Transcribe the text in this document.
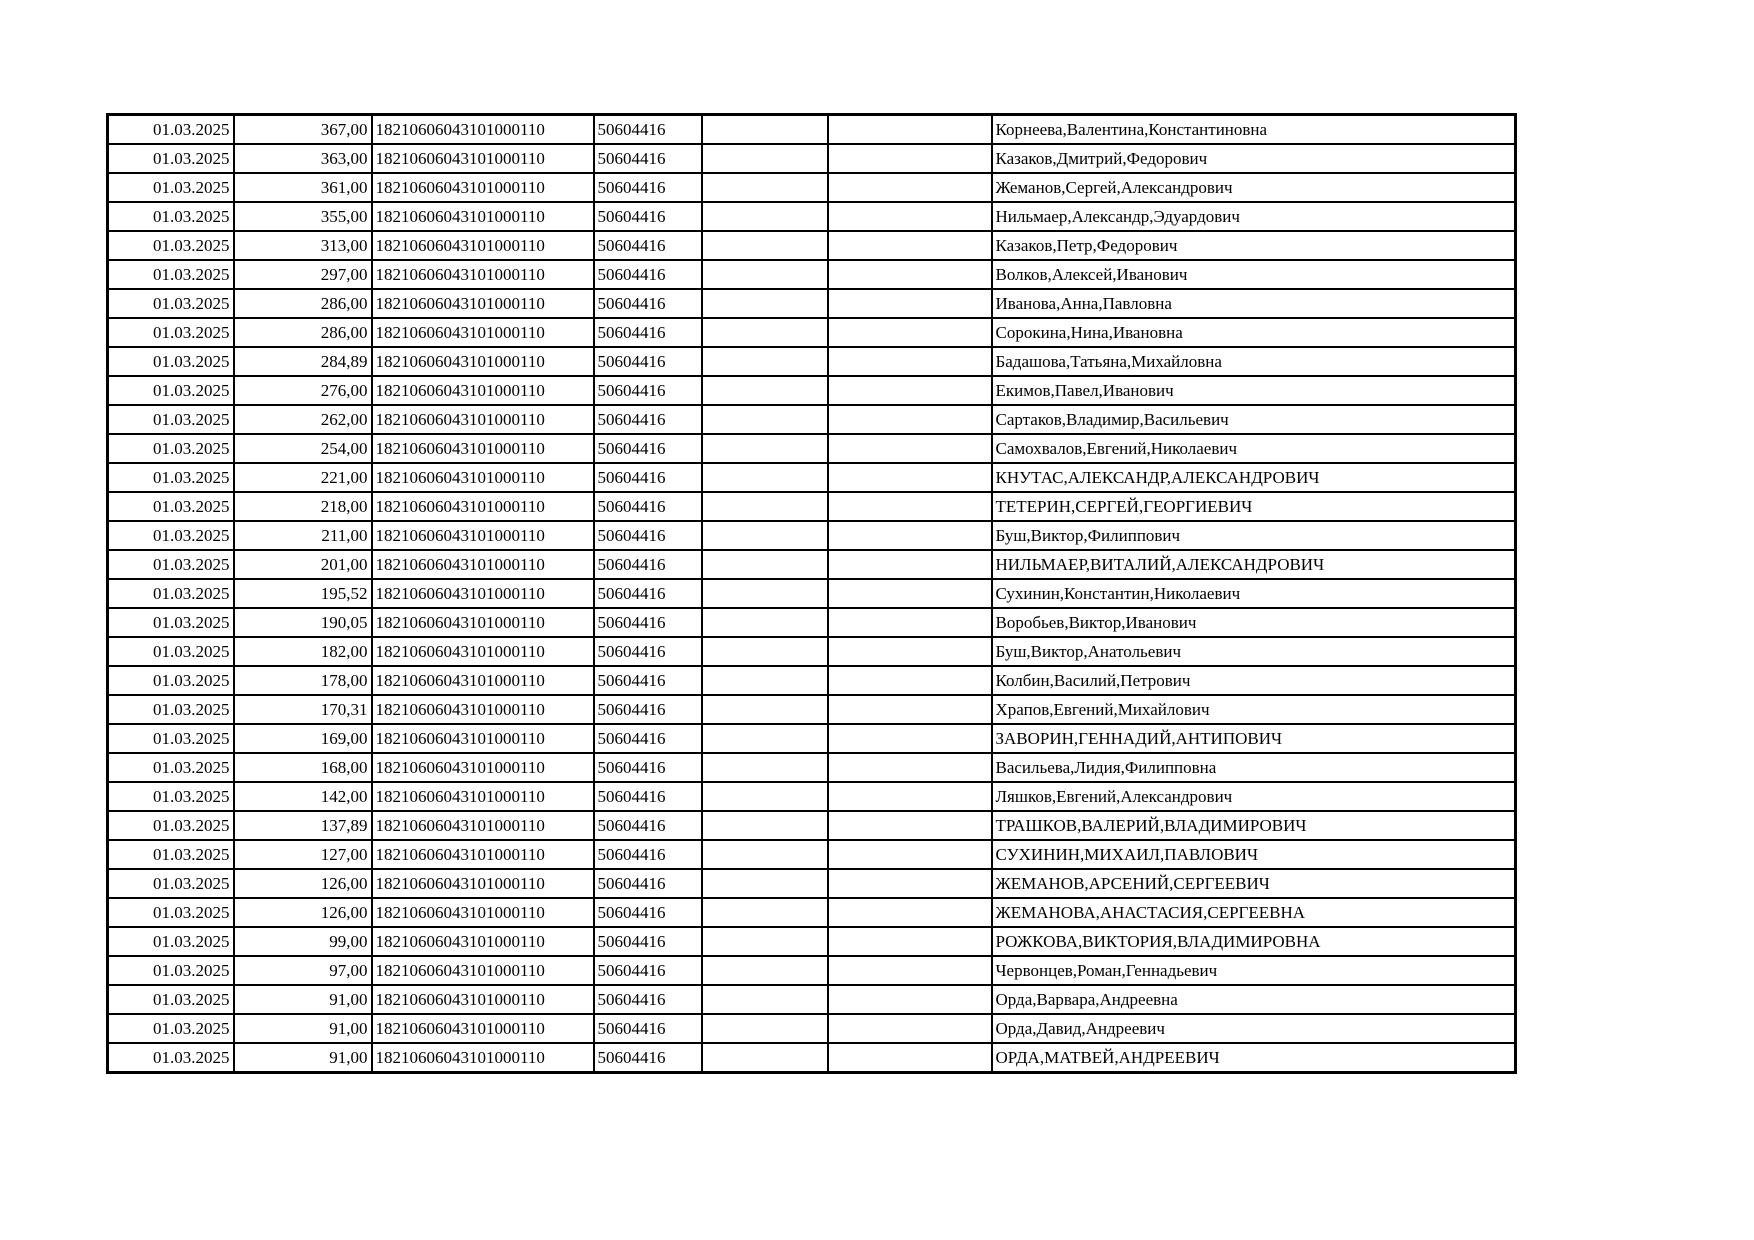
01.03.2025	367,00	18210606043101000110	50604416			Корнеева,Валентина,Константиновна
01.03.2025	363,00	18210606043101000110	50604416			Казаков,Дмитрий,Федорович
01.03.2025	361,00	18210606043101000110	50604416			Жеманов,Сергей,Александрович
01.03.2025	355,00	18210606043101000110	50604416			Нильмаер,Александр,Эдуардович
01.03.2025	313,00	18210606043101000110	50604416			Казаков,Петр,Федорович
01.03.2025	297,00	18210606043101000110	50604416			Волков,Алексей,Иванович
01.03.2025	286,00	18210606043101000110	50604416			Иванова,Анна,Павловна
01.03.2025	286,00	18210606043101000110	50604416			Сорокина,Нина,Ивановна
01.03.2025	284,89	18210606043101000110	50604416			Бадашова,Татьяна,Михайловна
01.03.2025	276,00	18210606043101000110	50604416			Екимов,Павел,Иванович
01.03.2025	262,00	18210606043101000110	50604416			Сартаков,Владимир,Васильевич
01.03.2025	254,00	18210606043101000110	50604416			Самохвалов,Евгений,Николаевич
01.03.2025	221,00	18210606043101000110	50604416			КНУТАС,АЛЕКСАНДР,АЛЕКСАНДРОВИЧ
01.03.2025	218,00	18210606043101000110	50604416			ТЕТЕРИН,СЕРГЕЙ,ГЕОРГИЕВИЧ
01.03.2025	211,00	18210606043101000110	50604416			Буш,Виктор,Филиппович
01.03.2025	201,00	18210606043101000110	50604416			НИЛЬМАЕР,ВИТАЛИЙ,АЛЕКСАНДРОВИЧ
01.03.2025	195,52	18210606043101000110	50604416			Сухинин,Константин,Николаевич
01.03.2025	190,05	18210606043101000110	50604416			Воробьев,Виктор,Иванович
01.03.2025	182,00	18210606043101000110	50604416			Буш,Виктор,Анатольевич
01.03.2025	178,00	18210606043101000110	50604416			Колбин,Василий,Петрович
01.03.2025	170,31	18210606043101000110	50604416			Храпов,Евгений,Михайлович
01.03.2025	169,00	18210606043101000110	50604416			ЗАВОРИН,ГЕННАДИЙ,АНТИПОВИЧ
01.03.2025	168,00	18210606043101000110	50604416			Васильева,Лидия,Филипповна
01.03.2025	142,00	18210606043101000110	50604416			Ляшков,Евгений,Александрович
01.03.2025	137,89	18210606043101000110	50604416			ТРАШКОВ,ВАЛЕРИЙ,ВЛАДИМИРОВИЧ
01.03.2025	127,00	18210606043101000110	50604416			СУХИНИН,МИХАИЛ,ПАВЛОВИЧ
01.03.2025	126,00	18210606043101000110	50604416			ЖЕМАНОВ,АРСЕНИЙ,СЕРГЕЕВИЧ
01.03.2025	126,00	18210606043101000110	50604416			ЖЕМАНОВА,АНАСТАСИЯ,СЕРГЕЕВНА
01.03.2025	99,00	18210606043101000110	50604416			РОЖКОВА,ВИКТОРИЯ,ВЛАДИМИРОВНА
01.03.2025	97,00	18210606043101000110	50604416			Червонцев,Роман,Геннадьевич
01.03.2025	91,00	18210606043101000110	50604416			Орда,Варвара,Андреевна
01.03.2025	91,00	18210606043101000110	50604416			Орда,Давид,Андреевич
01.03.2025	91,00	18210606043101000110	50604416			ОРДА,МАТВЕЙ,АНДРЕЕВИЧ
